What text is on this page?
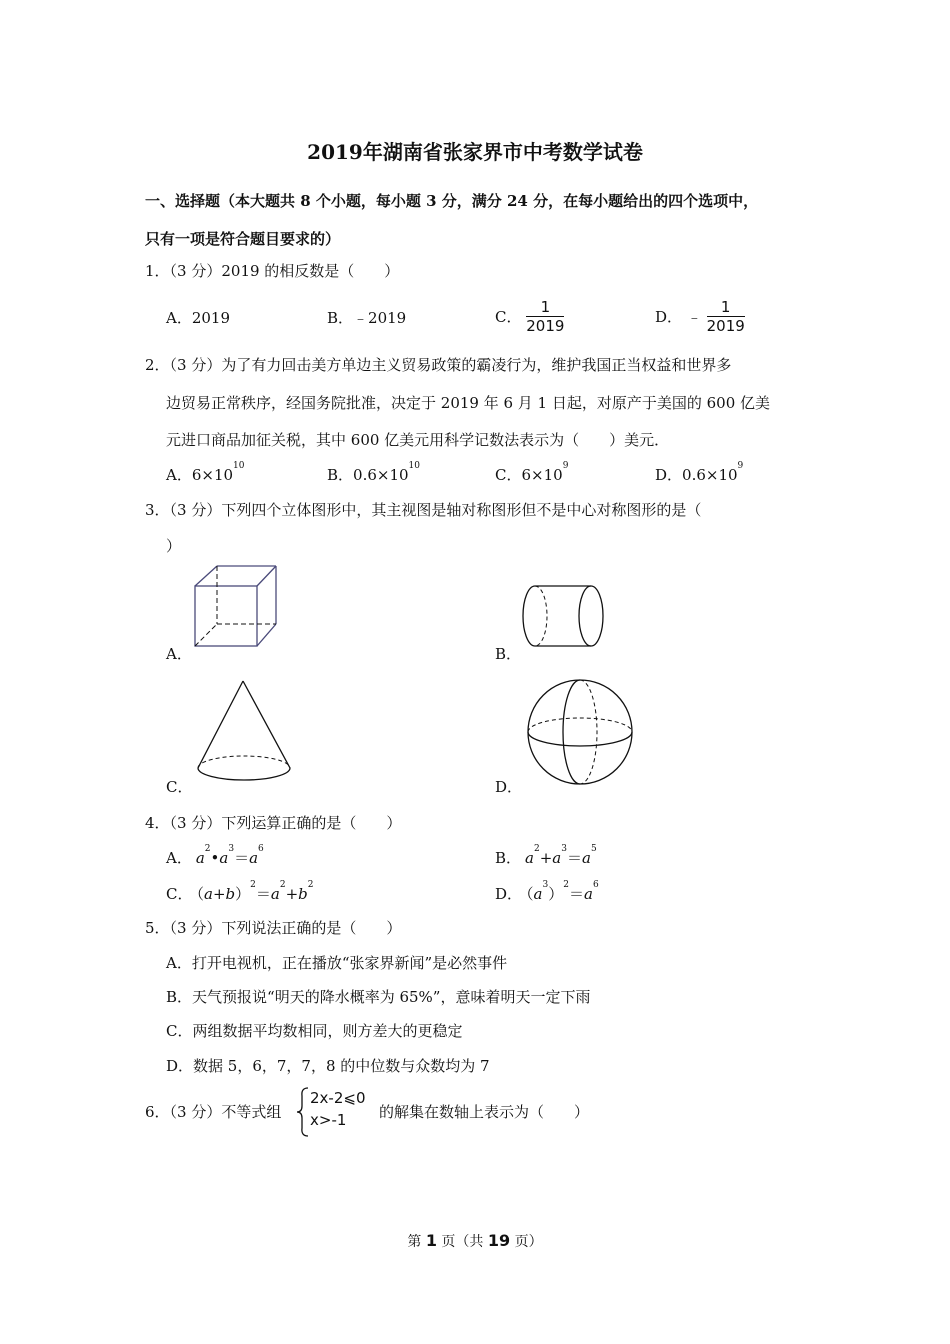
2019年湖南省张家界市中考数学试卷
一、选择题（本大题共 8 个小题，每小题 3 分，满分 24 分，在每小题给出的四个选项中，
只有一项是符合题目要求的）
1．（3 分）2019 的相反数是（　　）
A．2019	B．﹣2019	C． $\frac{1}{2019}$	D． ﹣ $\frac{1}{2019}$
2．（3 分）为了有力回击美方单边主义贸易政策的霸凌行为，维护我国正当权益和世界多
边贸易正常秩序，经国务院批准，决定于 2019 年 6 月 1 日起，对原产于美国的 600 亿美
元进口商品加征关税，其中 600 亿美元用科学记数法表示为（　　）美元．
A．$6\times 10^{10}$	B．$0.6\times 10^{10}$	C．$6\times 10^9$	D．$0.6\times 10^9$
3．（3 分）下列四个立体图形中，其主视图是轴对称图形但不是中心对称图形的是（
）
A．	B．
C．	D．
4．（3 分）下列运算正确的是（　　）
A． $a^2•a^3=a^6$	B． $a^2+a^3=a^5$
C． $(a+b)^2=a^2+b^2$	D． $(a^3)^2=a^6$
5．（3 分）下列说法正确的是（　　）
A．打开电视机，正在播放“张家界新闻”是必然事件
B．天气预报说“明天的降水概率为 65%”，意味着明天一定下雨
C．两组数据平均数相同，则方差大的更稳定
D．数据 5，6，7，7，8 的中位数与众数均为 7
6．（3 分）不等式组
2x-2⩽0
x>-1	的解集在数轴上表示为（　　）
第 1 页（共 19 页）
